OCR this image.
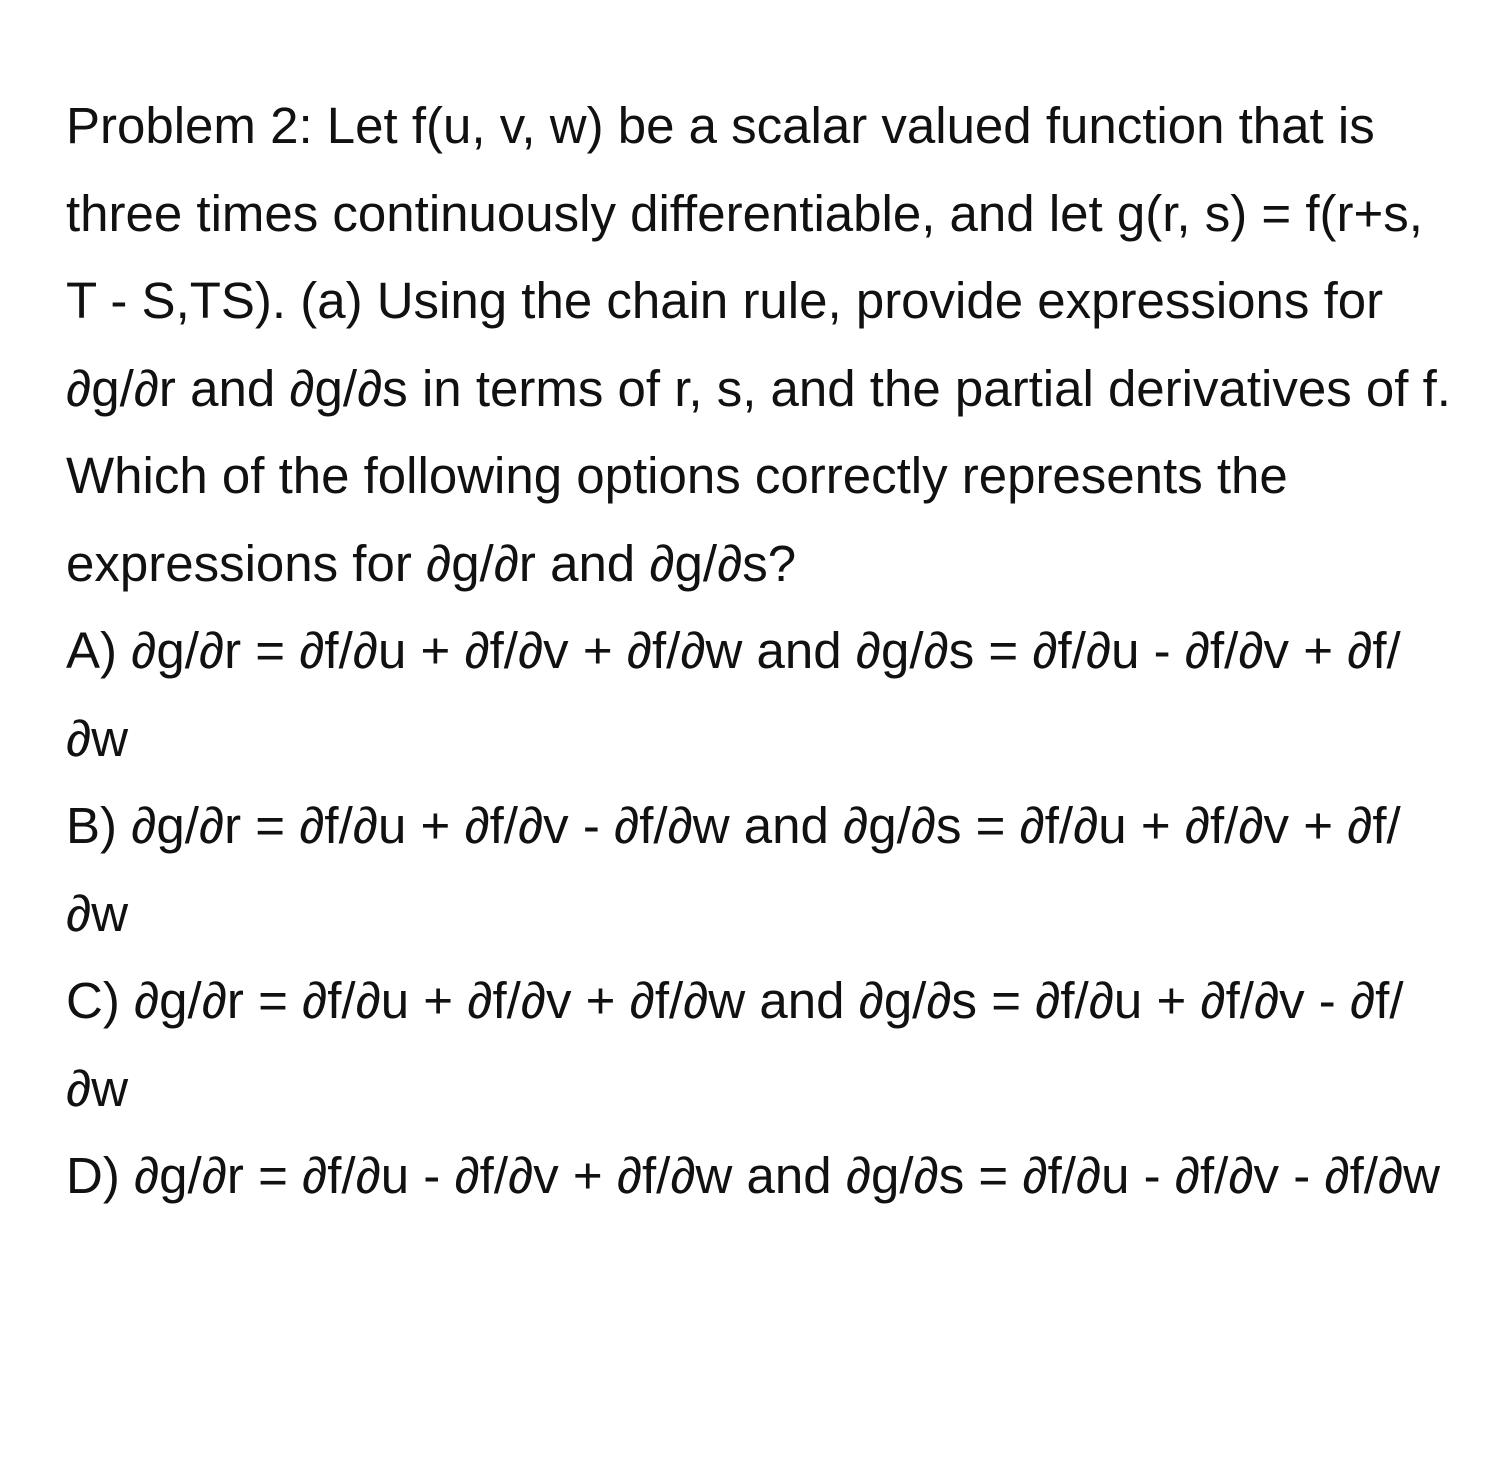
Problem 2: Let f(u, v, w) be a scalar valued function that is three times continuously differentiable, and let g(r, s) = f(r+s, T - S,TS). (a) Using the chain rule, provide expressions for ∂g/∂r and ∂g/∂s in terms of r, s, and the partial derivatives of f. Which of the following options correctly represents the expressions for ∂g/∂r and ∂g/∂s?

A) ∂g/∂r = ∂f/∂u + ∂f/∂v + ∂f/∂w and ∂g/∂s = ∂f/∂u - ∂f/∂v + ∂f/∂w

B) ∂g/∂r = ∂f/∂u + ∂f/∂v - ∂f/∂w and ∂g/∂s = ∂f/∂u + ∂f/∂v + ∂f/∂w

C) ∂g/∂r = ∂f/∂u + ∂f/∂v + ∂f/∂w and ∂g/∂s = ∂f/∂u + ∂f/∂v - ∂f/∂w

D) ∂g/∂r = ∂f/∂u - ∂f/∂v + ∂f/∂w and ∂g/∂s = ∂f/∂u - ∂f/∂v - ∂f/∂w
